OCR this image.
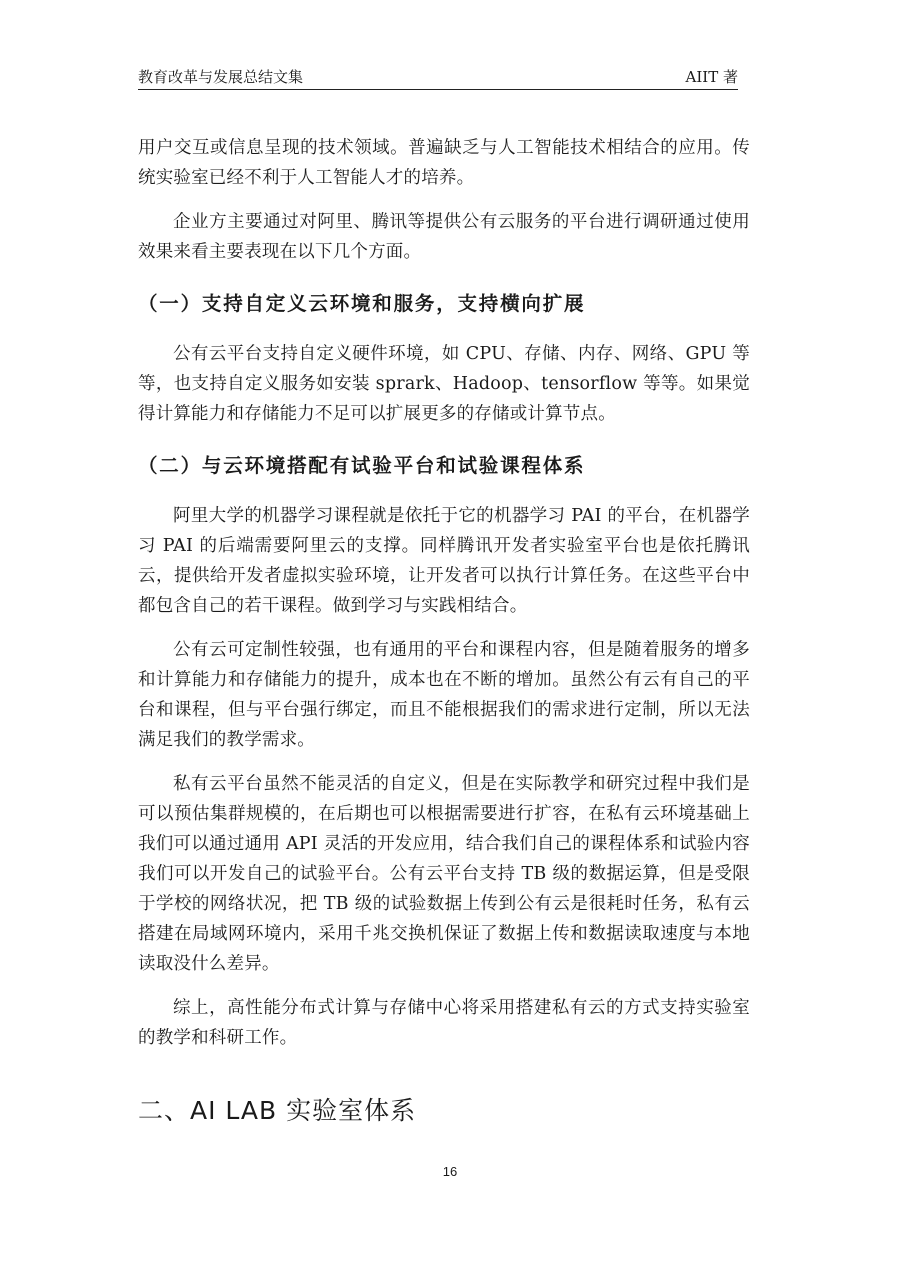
教育改革与发展总结文集	AIIT 著

用户交互或信息呈现的技术领域。普遍缺乏与人工智能技术相结合的应用。传统实验室已经不利于人工智能人才的培养。

企业方主要通过对阿里、腾讯等提供公有云服务的平台进行调研通过使用效果来看主要表现在以下几个方面。

（一）支持自定义云环境和服务，支持横向扩展

公有云平台支持自定义硬件环境，如 CPU、存储、内存、网络、GPU 等等，也支持自定义服务如安装 sprark、Hadoop、tensorflow 等等。如果觉得计算能力和存储能力不足可以扩展更多的存储或计算节点。

（二）与云环境搭配有试验平台和试验课程体系

阿里大学的机器学习课程就是依托于它的机器学习 PAI 的平台，在机器学习 PAI 的后端需要阿里云的支撑。同样腾讯开发者实验室平台也是依托腾讯云，提供给开发者虚拟实验环境，让开发者可以执行计算任务。在这些平台中都包含自己的若干课程。做到学习与实践相结合。

公有云可定制性较强，也有通用的平台和课程内容，但是随着服务的增多和计算能力和存储能力的提升，成本也在不断的增加。虽然公有云有自己的平台和课程，但与平台强行绑定，而且不能根据我们的需求进行定制，所以无法满足我们的教学需求。

私有云平台虽然不能灵活的自定义，但是在实际教学和研究过程中我们是可以预估集群规模的，在后期也可以根据需要进行扩容，在私有云环境基础上我们可以通过通用 API 灵活的开发应用，结合我们自己的课程体系和试验内容我们可以开发自己的试验平台。公有云平台支持 TB 级的数据运算，但是受限于学校的网络状况，把 TB 级的试验数据上传到公有云是很耗时任务，私有云搭建在局域网环境内，采用千兆交换机保证了数据上传和数据读取速度与本地读取没什么差异。

综上，高性能分布式计算与存储中心将采用搭建私有云的方式支持实验室的教学和科研工作。

二、AI LAB 实验室体系
16
